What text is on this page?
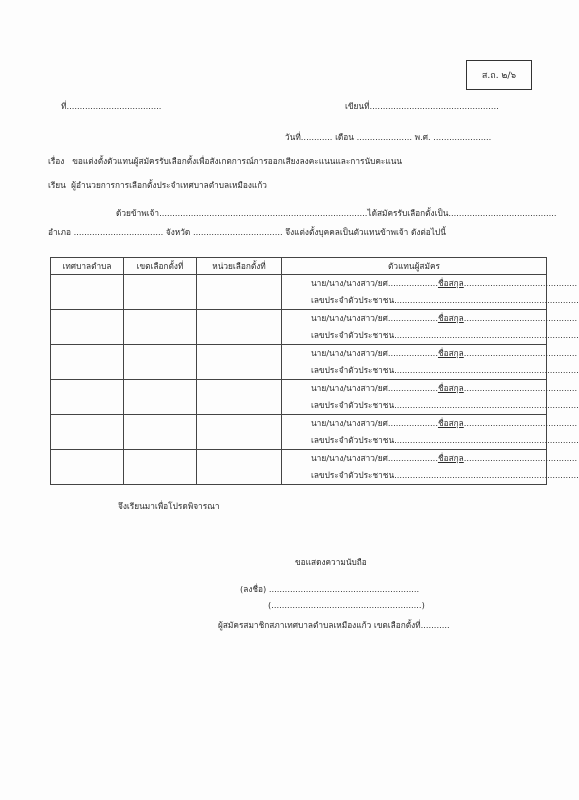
ส.ถ. ๒/๖
ที่....................................	เขียนที่.................................................
วันที่............ เดือน ..................... พ.ศ. ......................
เรื่อง ขอแต่งตั้งตัวแทนผู้สมัครรับเลือกตั้งเพื่อสังเกตการณ์การออกเสียงลงคะแนนและการนับคะแนน
เรียน ผู้อำนวยการการเลือกตั้งประจำเทศบาลตำบลเหมืองแก้ว
ด้วยข้าพเจ้า...............................................................................ได้สมัครรับเลือกตั้งเป็น.........................................
อำเภอ .................................. จังหวัด .................................. จึงแต่งตั้งบุคคลเป็นตัวแทนข้าพเจ้า ดังต่อไปนี้
เทศบาลตำบล	เขตเลือกตั้งที่	หน่วยเลือกตั้งที่	ตัวแทนผู้สมัคร

			นาย/นาง/นางสาว/ยศ...................ชื่อสกุล...........................................
เลขประจำตัวประชาชน......................................................................

			นาย/นาง/นางสาว/ยศ...................ชื่อสกุล...........................................
เลขประจำตัวประชาชน......................................................................

			นาย/นาง/นางสาว/ยศ...................ชื่อสกุล...........................................
เลขประจำตัวประชาชน......................................................................

			นาย/นาง/นางสาว/ยศ...................ชื่อสกุล...........................................
เลขประจำตัวประชาชน......................................................................

			นาย/นาง/นางสาว/ยศ...................ชื่อสกุล...........................................
เลขประจำตัวประชาชน......................................................................

			นาย/นาง/นางสาว/ยศ...................ชื่อสกุล...........................................
เลขประจำตัวประชาชน......................................................................
จึงเรียนมาเพื่อโปรดพิจารณา
ขอแสดงความนับถือ
(ลงชื่อ) .........................................................
(.........................................................)
ผู้สมัครสมาชิกสภาเทศบาลตำบลเหมืองแก้ว เขตเลือกตั้งที่...........
